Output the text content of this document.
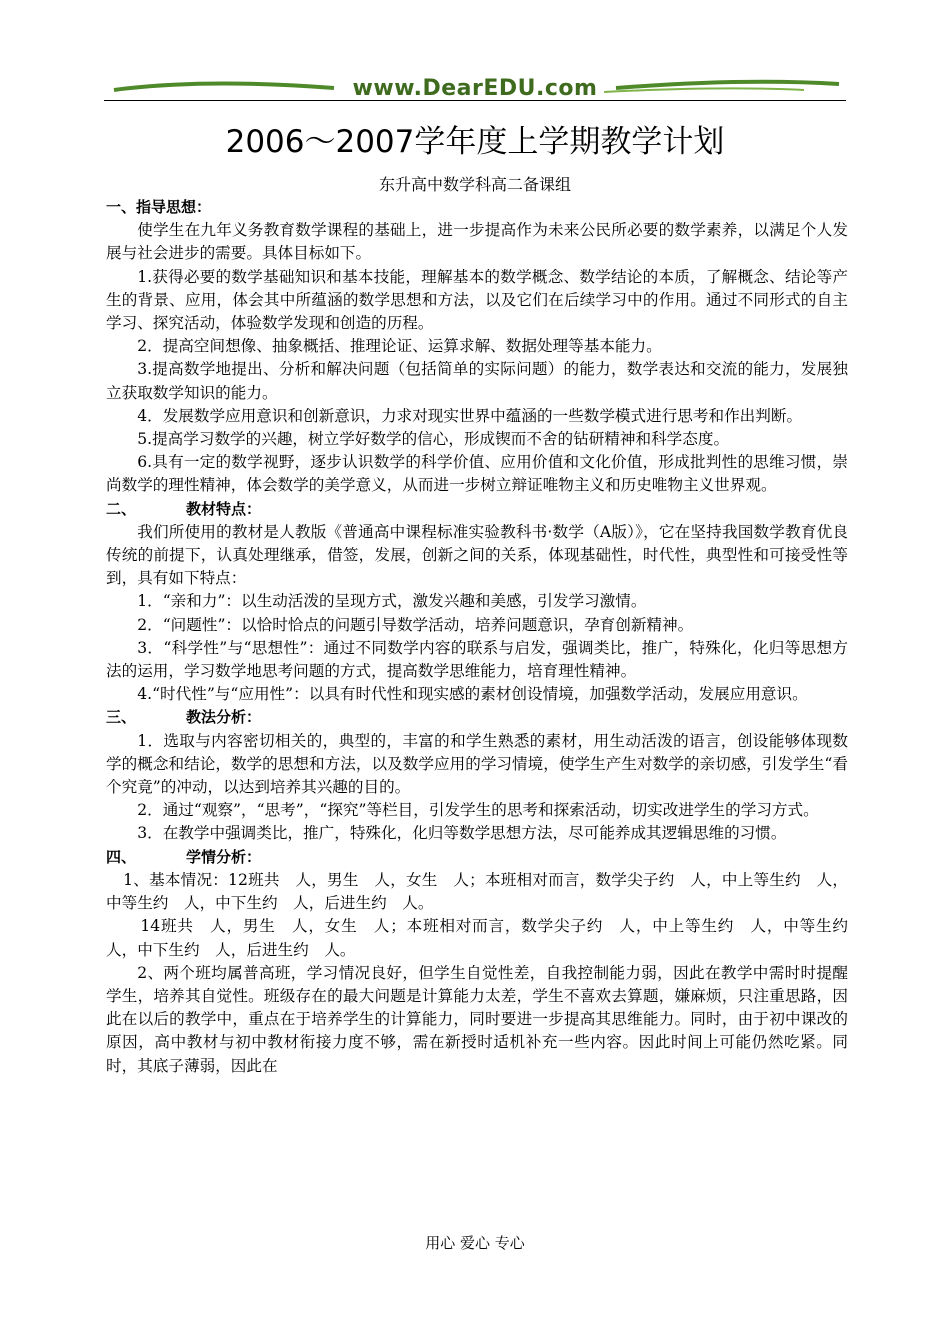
www.DearEDU.com
2006～2007学年度上学期教学计划
东升高中数学科高二备课组
一、指导思想：

使学生在九年义务教育数学课程的基础上，进一步提高作为未来公民所必要的数学素养，以满足个人发展与社会进步的需要。具体目标如下。

1.获得必要的数学基础知识和基本技能，理解基本的数学概念、数学结论的本质，了解概念、结论等产生的背景、应用，体会其中所蕴涵的数学思想和方法，以及它们在后续学习中的作用。通过不同形式的自主学习、探究活动，体验数学发现和创造的历程。

2．提高空间想像、抽象概括、推理论证、运算求解、数据处理等基本能力。

3.提高数学地提出、分析和解决问题（包括简单的实际问题）的能力，数学表达和交流的能力，发展独立获取数学知识的能力。

4．发展数学应用意识和创新意识，力求对现实世界中蕴涵的一些数学模式进行思考和作出判断。

5.提高学习数学的兴趣，树立学好数学的信心，形成锲而不舍的钻研精神和科学态度。

6.具有一定的数学视野，逐步认识数学的科学价值、应用价值和文化价值，形成批判性的思维习惯，崇尚数学的理性精神，体会数学的美学意义，从而进一步树立辩证唯物主义和历史唯物主义世界观。

二、	教材特点：

我们所使用的教材是人教版《普通高中课程标准实验教科书·数学（A版）》，它在坚持我国数学教育优良传统的前提下，认真处理继承，借签，发展，创新之间的关系，体现基础性，时代性，典型性和可接受性等到，具有如下特点：

1．“亲和力”：以生动活泼的呈现方式，激发兴趣和美感，引发学习激情。

2．“问题性”：以恰时恰点的问题引导数学活动，培养问题意识，孕育创新精神。

3．“科学性”与“思想性”：通过不同数学内容的联系与启发，强调类比，推广，特殊化，化归等思想方法的运用，学习数学地思考问题的方式，提高数学思维能力，培育理性精神。

4.“时代性”与“应用性”：以具有时代性和现实感的素材创设情境，加强数学活动，发展应用意识。

三、	教法分析：

1．选取与内容密切相关的，典型的，丰富的和学生熟悉的素材，用生动活泼的语言，创设能够体现数学的概念和结论，数学的思想和方法，以及数学应用的学习情境，使学生产生对数学的亲切感，引发学生“看个究竟”的冲动，以达到培养其兴趣的目的。

2．通过“观察”，“思考”，“探究”等栏目，引发学生的思考和探索活动，切实改进学生的学习方式。

3．在教学中强调类比，推广，特殊化，化归等数学思想方法，尽可能养成其逻辑思维的习惯。

四、	学情分析：

1、基本情况：12班共　人，男生　人，女生　人；本班相对而言，数学尖子约　人，中上等生约　人，中等生约　人，中下生约　人，后进生约　人。

14班共　人，男生　人，女生　人；本班相对而言，数学尖子约　人，中上等生约　人，中等生约　人，中下生约　人，后进生约　人。

2、两个班均属普高班，学习情况良好，但学生自觉性差，自我控制能力弱，因此在教学中需时时提醒学生，培养其自觉性。班级存在的最大问题是计算能力太差，学生不喜欢去算题，嫌麻烦，只注重思路，因此在以后的教学中，重点在于培养学生的计算能力，同时要进一步提高其思维能力。同时，由于初中课改的原因，高中教材与初中教材衔接力度不够，需在新授时适机补充一些内容。因此时间上可能仍然吃紧。同时，其底子薄弱，因此在

用心 爱心 专心
